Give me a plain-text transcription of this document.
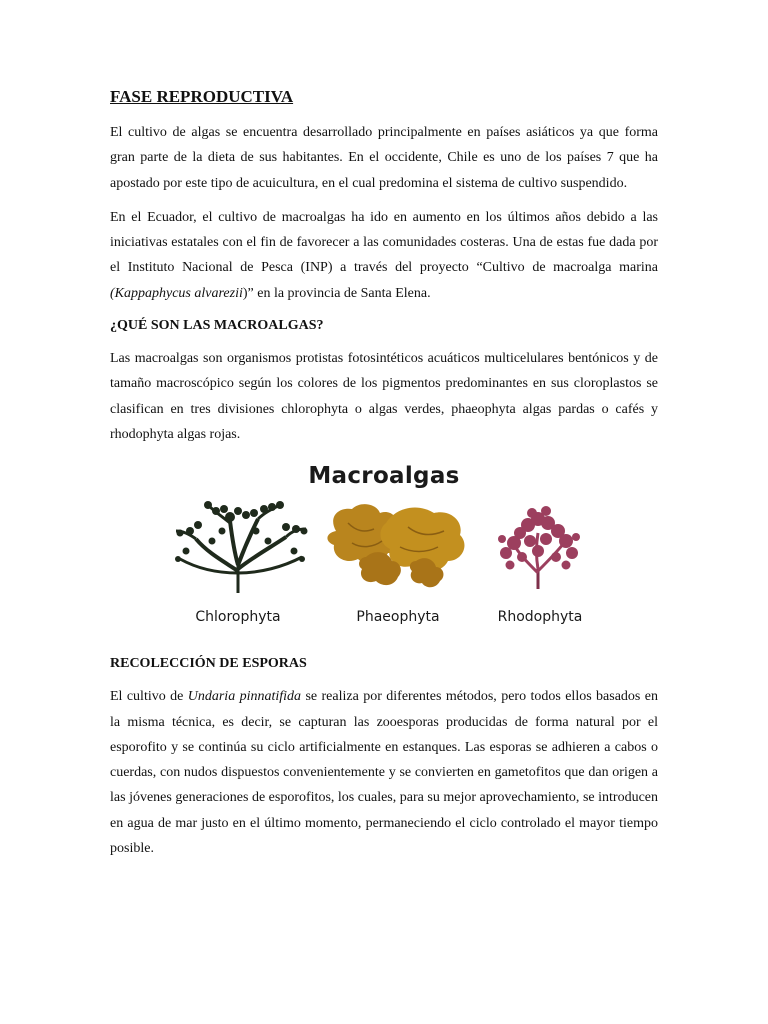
FASE REPRODUCTIVA

El cultivo de algas se encuentra desarrollado principalmente en países asiáticos ya que forma gran parte de la dieta de sus habitantes. En el occidente, Chile es uno de los países 7 que ha apostado por este tipo de acuicultura, en el cual predomina el sistema de cultivo suspendido.

En el Ecuador, el cultivo de macroalgas ha ido en aumento en los últimos años debido a las iniciativas estatales con el fin de favorecer a las comunidades costeras. Una de estas fue dada por el Instituto Nacional de Pesca (INP) a través del proyecto “Cultivo de macroalga marina (Kappaphycus alvarezii)” en la provincia de Santa Elena.

¿QUÉ SON LAS MACROALGAS?

Las macroalgas son organismos protistas fotosintéticos acuáticos multicelulares bentónicos y de tamaño macroscópico según los colores de los pigmentos predominantes en sus cloroplastos se clasifican en tres divisiones chlorophyta o algas verdes, phaeophyta algas pardas o cafés y rhodophyta algas rojas.

Macroalgas
Chlorophyta	Phaeophyta	Rhodophyta
RECOLECCIÓN DE ESPORAS

El cultivo de Undaria pinnatifida se realiza por diferentes métodos, pero todos ellos basados en la misma técnica, es decir, se capturan las zooesporas producidas de forma natural por el esporofito y se continúa su ciclo artificialmente en estanques. Las esporas se adhieren a cabos o cuerdas, con nudos dispuestos convenientemente y se convierten en gametofitos que dan origen a las jóvenes generaciones de esporofitos, los cuales, para su mejor aprovechamiento, se introducen en agua de mar justo en el último momento, permaneciendo el ciclo controlado el mayor tiempo posible.
